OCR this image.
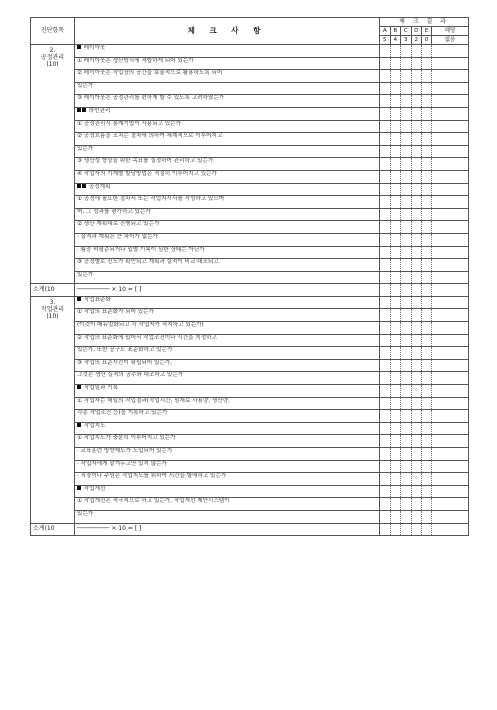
진단항목	체 크 사 항	체 크 결 과					
		A	B	C	D	E	해당
		5	4	3	2	0	없음

2.
공정관리
(10)	레이아웃						
	① 레이아웃은 생산방식에 적합하게 되어 있는가						
	② 레이아웃은 작업장의 공간을 효율적으로 활용하도록 되어						
	있는가						
	③ 레이아웃은 공정관리를 편하게 할 수 있도록 고려하였는가						
	라인관리						
	① 공정관리시 통계기법이 사용되고 있는가						
	② 공정흐름을 조치는 절차에 의하여 체계적으로 이루어지고						
	있는가						
	③ 생산성 향상을 위한 목표를 설정하여 관리하고 있는가						
	④ 작업자의 기계별 할당방법은 적절히 이루어지고 있는가						
	공정계획						
	① 공정에 필요한 절차서 또는 작업지시서를 작성하고 있으며						
	며, 그 성과를 평가하고 있는가						
	② 생산 계획대로 진행되고 있는가						
	· 실적과 계획은 큰 차이가 없는가						
	· 월중 비평준되거나 일별 기복이 심한 상태는 아닌가						
	③ 공정별로 진도가 확인되고 계획과 실적이 비교·대조되고						
	있는가						
소계(10	───────── × 10 = [ ]						

3.
작업관리
(10)	작업표준화						
	① 작업의 표준화가 되어 있는가						
	(이것이 매뉴얼화되고 각 작업자가 숙지하고 있는가)						
	② 작업의 표준화에 있어서 작업조건이나 시간을 지정하고						
	있는가, 또한 공구도 표준화하고 있는가						
	③ 작업의 표준시간이 확립되어 있는가,						
	그것은 생산 실적의 공수와 대조하고 있는가						
	작업일과 기록						
	① 작업자는 매일의 작업결과(작업시간, 원재료 사용량, 생산량,						
	각종 작업조건 등)을 기록하고 있는가						
	작업지도						
	① 작업지도가 충분히 이루어지고 있는가						
	· 교육훈련 방향제도가 도입되어 있는가						
	· 작업자에게 맡겨두고만 있지 않는가						
	· 직장이나 주임은 작업지도를 위하여 시간을 할애하고 있는가						
	작업개선						
	① 작업개선은 적극적으로 하고 있는가, 작업개선 제안시스템이						
	있는가						
소계(10	───────── × 10 = [ ]						
